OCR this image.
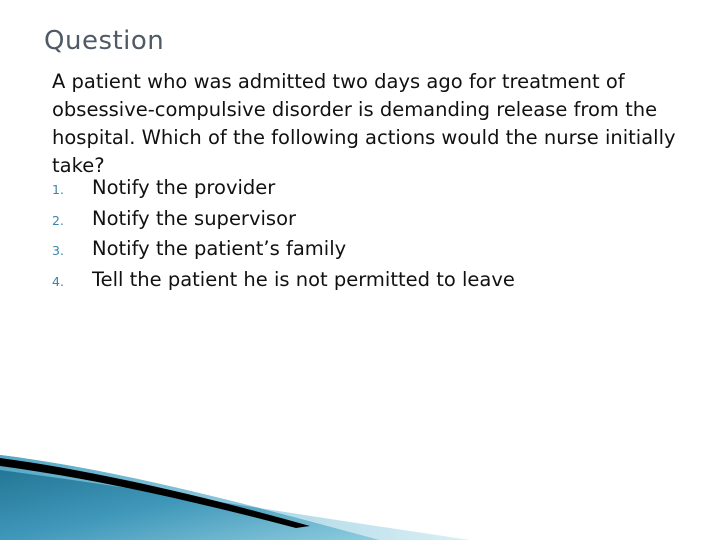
Question

A patient who was admitted two days ago for treatment of obsessive-compulsive disorder is demanding release from the hospital. Which of the following actions would the nurse initially take?

1.	Notify the provider
2.	Notify the supervisor
3.	Notify the patient’s family
4.	Tell the patient he is not permitted to leave
